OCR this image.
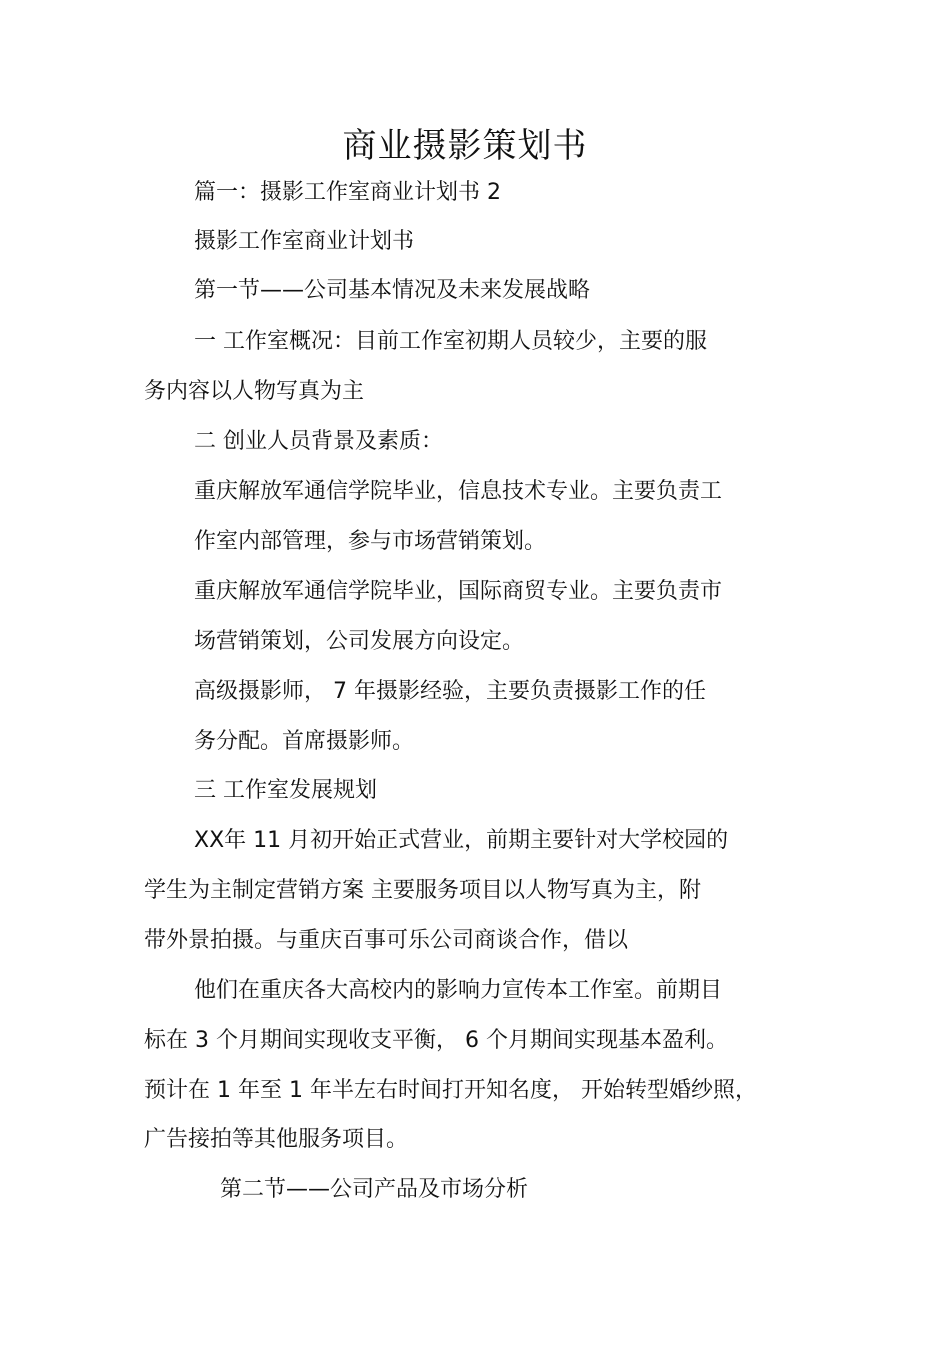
商业摄影策划书
篇一：摄影工作室商业计划书 2
摄影工作室商业计划书
第一节——公司基本情况及未来发展战略
一 工作室概况：目前工作室初期人员较少，主要的服
务内容以人物写真为主
二 创业人员背景及素质：
重庆解放军通信学院毕业，信息技术专业。主要负责工
作室内部管理，参与市场营销策划。
重庆解放军通信学院毕业，国际商贸专业。主要负责市
场营销策划，公司发展方向设定。
高级摄影师， 7 年摄影经验，主要负责摄影工作的任
务分配。首席摄影师。
三 工作室发展规划
XX年 11 月初开始正式营业，前期主要针对大学校园的
学生为主制定营销方案 主要服务项目以人物写真为主，附
带外景拍摄。与重庆百事可乐公司商谈合作，借以
他们在重庆各大高校内的影响力宣传本工作室。前期目
标在 3 个月期间实现收支平衡， 6 个月期间实现基本盈利。
预计在 1 年至 1 年半左右时间打开知名度， 开始转型婚纱照，
广告接拍等其他服务项目。
第二节——公司产品及市场分析
